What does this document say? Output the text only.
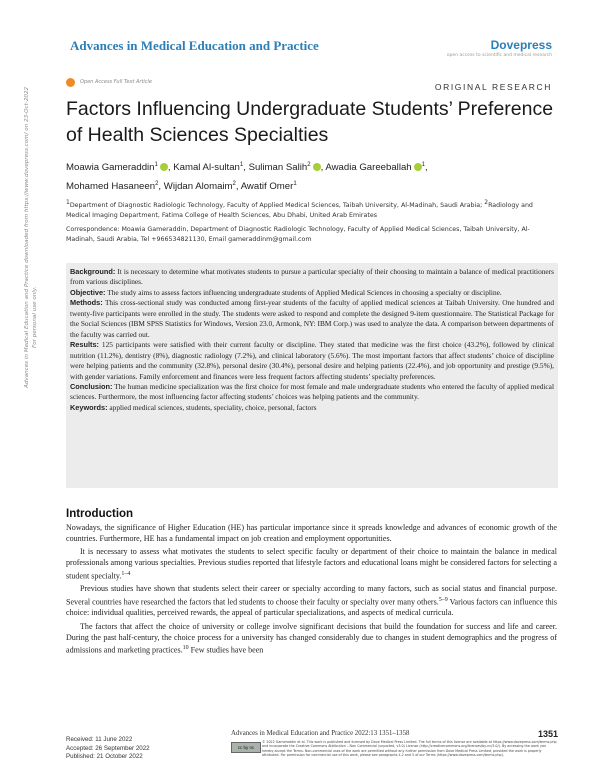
Advances in Medical Education and Practice	Dovepress
open access to scientific and medical research
Open Access Full Text Article	ORIGINAL RESEARCH
Factors Influencing Undergraduate Students’ Preference of Health Sciences Specialties
Moawia Gameraddin$^1$ , Kamal Al-sultan$^1$, Suliman Salih$^2$ , Awadia Gareeballah $^1$,
Mohamed Hasaneen$^2$, Wijdan Alomaim$^2$, Awatif Omer$^1$
$^1$Department of Diagnostic Radiologic Technology, Faculty of Applied Medical Sciences, Taibah University, Al-Madinah, Saudi Arabia; $^2$Radiology and Medical Imaging Department, Fatima College of Health Sciences, Abu Dhabi, United Arab Emirates
Correspondence: Moawia Gameraddin, Department of Diagnostic Radiologic Technology, Faculty of Applied Medical Sciences, Taibah University, Al-Madinah, Saudi Arabia, Tel +966534821130, Email gameraddinm@gmail.com

Background: It is necessary to determine what motivates students to pursue a particular specialty of their choosing to maintain a balance of medical practitioners from various disciplines.

Objective: The study aims to assess factors influencing undergraduate students of Applied Medical Sciences in choosing a specialty or discipline.

Methods: This cross-sectional study was conducted among first-year students of the faculty of applied medical sciences at Taibah University. One hundred and twenty-five participants were enrolled in the study. The students were asked to respond and complete the designed 9-item questionnaire. The Statistical Package for the Social Sciences (IBM SPSS Statistics for Windows, Version 23.0, Armonk, NY: IBM Corp.) was used to analyze the data. A comparison between departments of the faculty was carried out.

Results: 125 participants were satisfied with their current faculty or discipline. They stated that medicine was the first choice (43.2%), followed by clinical nutrition (11.2%), dentistry (8%), diagnostic radiology (7.2%), and clinical laboratory (5.6%). The most important factors that affect students’ choice of discipline were helping patients and the community (32.8%), personal desire (30.4%), personal desire and helping patients (22.4%), and job opportunity and prestige (9.5%), with gender variations. Family enforcement and finances were less frequent factors affecting students’ specialty preferences.

Conclusion: The human medicine specialization was the first choice for most female and male undergraduate students who entered the faculty of applied medical sciences. Furthermore, the most influencing factor affecting students’ choices was helping patients and the community.

Keywords: applied medical sciences, students, speciality, choice, personal, factors

Introduction

Nowadays, the significance of Higher Education (HE) has particular importance since it spreads knowledge and advances of economic growth of the countries. Furthermore, HE has a fundamental impact on job creation and employment opportunities.

It is necessary to assess what motivates the students to select specific faculty or department of their choice to maintain the balance in medical professionals among various specialties. Previous studies reported that lifestyle factors and educational loans might be considered factors for selecting a student specialty.$^{1-4}$

Previous studies have shown that students select their career or specialty according to many factors, such as social status and financial purpose. Several countries have researched the factors that led students to choose their faculty or specialty over many others.$^{5-9}$ Various factors can influence this choice: individual qualities, perceived rewards, the appeal of particular specializations, and aspects of medical curricula.

The factors that affect the choice of university or college involve significant decisions that build the foundation for success and life and career. During the past half-century, the choice process for a university has changed considerably due to changes in student demographics and the progress of admissions and marketing practices.$^{10}$ Few studies have been

Advances in Medical Education and Practice downloaded from https://www.dovepress.com/ on 23-Oct-2022 For personal use only.
Received: 11 June 2022
Accepted: 26 September 2022
Published: 21 October 2022
Advances in Medical Education and Practice 2022:13 1351–1358	1351
cc by nc
© 2022 Gameraddin et al. This work is published and licensed by Dove Medical Press Limited. The full terms of this license are available at https://www.dovepress.com/terms.php and incorporate the Creative Commons Attribution – Non Commercial (unported, v3.0) License (http://creativecommons.org/licenses/by-nc/3.0/). By accessing the work you hereby accept the Terms. Non-commercial uses of the work are permitted without any further permission from Dove Medical Press Limited, provided the work is properly attributed. For permission for commercial use of this work, please see paragraphs 4.2 and 5 of our Terms (https://www.dovepress.com/terms.php).
